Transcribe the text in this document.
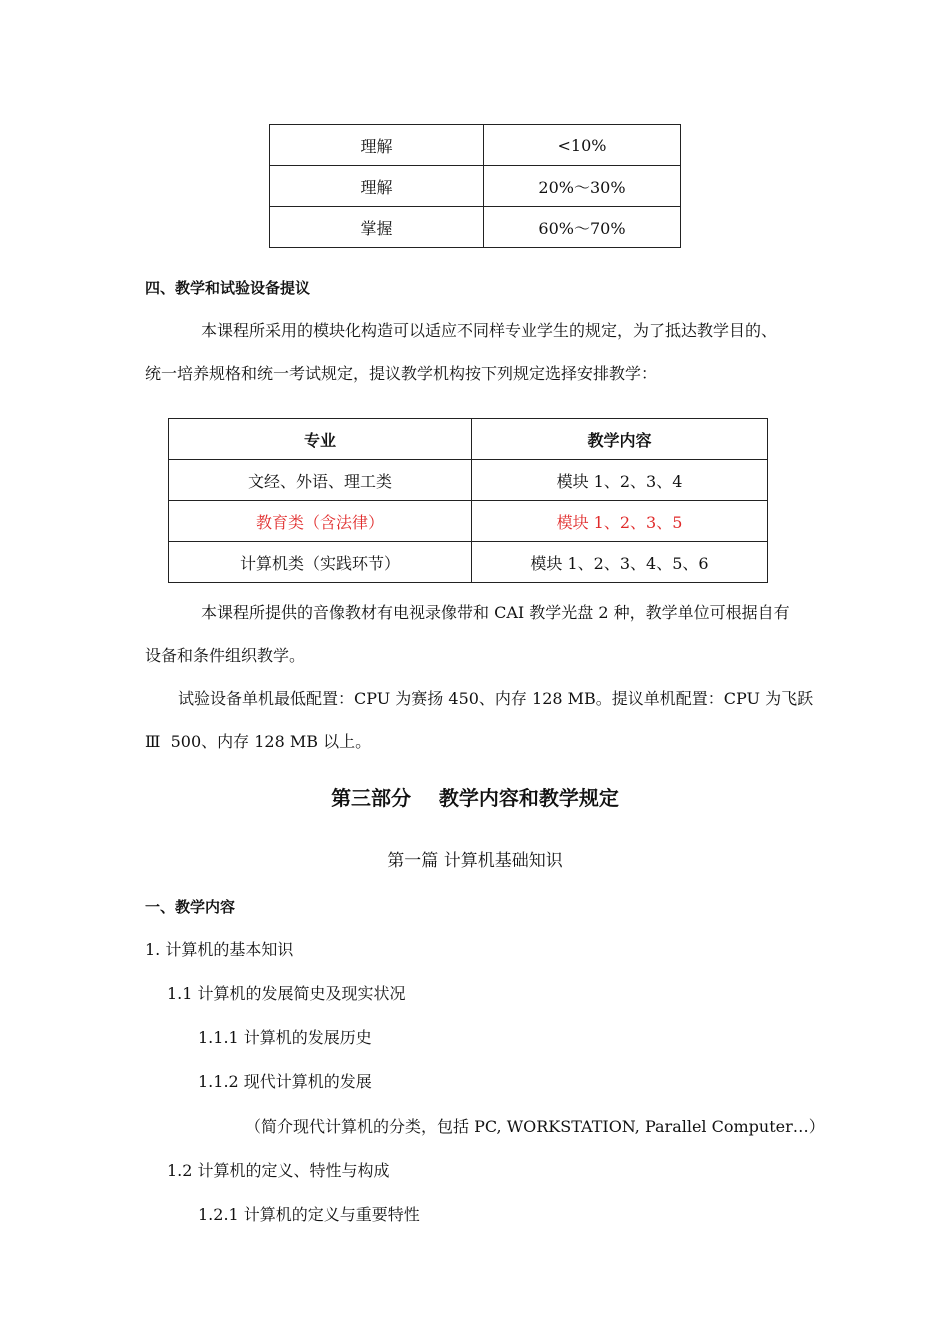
理解	<10%
理解	20%～30%
掌握	60%～70%
四、教学和试验设备提议
本课程所采用的模块化构造可以适应不同样专业学生的规定，为了抵达教学目的、
统一培养规格和统一考试规定，提议教学机构按下列规定选择安排教学：
专业	教学内容
文经、外语、理工类	模块 1、2、3、4
教育类（含法律）	模块 1、2、3、5
计算机类（实践环节）	模块 1、2、3、4、5、6
本课程所提供的音像教材有电视录像带和 CAI 教学光盘 2 种，教学单位可根据自有
设备和条件组织教学。
试验设备单机最低配置：CPU 为赛扬 450、内存 128 MB。提议单机配置：CPU 为飞跃
Ⅲ  500、内存 128 MB 以上。
第三部分    教学内容和教学规定
第一篇 计算机基础知识
一、教学内容
1. 计算机的基本知识
1.1 计算机的发展简史及现实状况
1.1.1 计算机的发展历史
1.1.2 现代计算机的发展
（简介现代计算机的分类，包括 PC, WORKSTATION, Parallel Computer…）
1.2 计算机的定义、特性与构成
1.2.1 计算机的定义与重要特性
